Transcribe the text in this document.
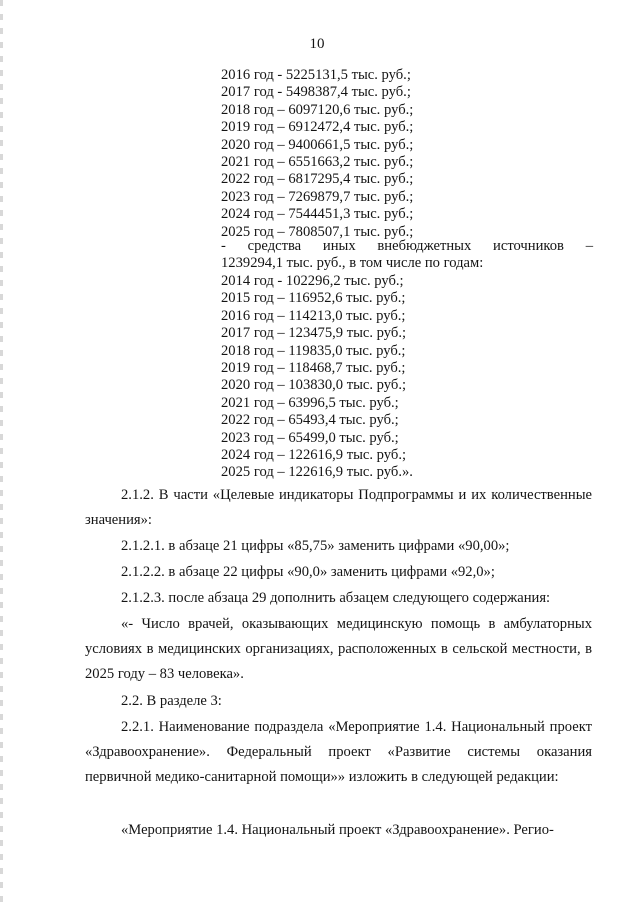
10
2016 год - 5225131,5 тыс. руб.;
2017 год - 5498387,4 тыс. руб.;
2018 год – 6097120,6 тыс. руб.;
2019 год – 6912472,4 тыс. руб.;
2020 год – 9400661,5 тыс. руб.;
2021 год – 6551663,2 тыс. руб.;
2022 год – 6817295,4 тыс. руб.;
2023 год – 7269879,7 тыс. руб.;
2024 год – 7544451,3 тыс. руб.;
2025 год – 7808507,1 тыс. руб.;
- средства иных внебюджетных источников –
1239294,1 тыс. руб., в том числе по годам:
2014 год - 102296,2 тыс. руб.;
2015 год – 116952,6 тыс. руб.;
2016 год – 114213,0 тыс. руб.;
2017 год – 123475,9 тыс. руб.;
2018 год – 119835,0 тыс. руб.;
2019 год – 118468,7 тыс. руб.;
2020 год – 103830,0 тыс. руб.;
2021 год – 63996,5 тыс. руб.;
2022 год – 65493,4 тыс. руб.;
2023 год – 65499,0 тыс. руб.;
2024 год – 122616,9 тыс. руб.;
2025 год – 122616,9 тыс. руб.».

2.1.2. В части «Целевые индикаторы Подпрограммы и их количественные значения»:

2.1.2.1. в абзаце 21 цифры «85,75» заменить цифрами «90,00»;

2.1.2.2. в абзаце 22 цифры «90,0» заменить цифрами «92,0»;

2.1.2.3. после абзаца 29 дополнить абзацем следующего содержания:

«- Число врачей, оказывающих медицинскую помощь в амбулаторных условиях в медицинских организациях, расположенных в сельской местности, в 2025 году – 83 человека».

2.2. В разделе 3:

2.2.1. Наименование подраздела «Мероприятие 1.4. Национальный проект «Здравоохранение». Федеральный проект «Развитие системы оказания первичной медико-санитарной помощи»» изложить в следующей редакции:

«Мероприятие 1.4. Национальный проект «Здравоохранение». Регио-
